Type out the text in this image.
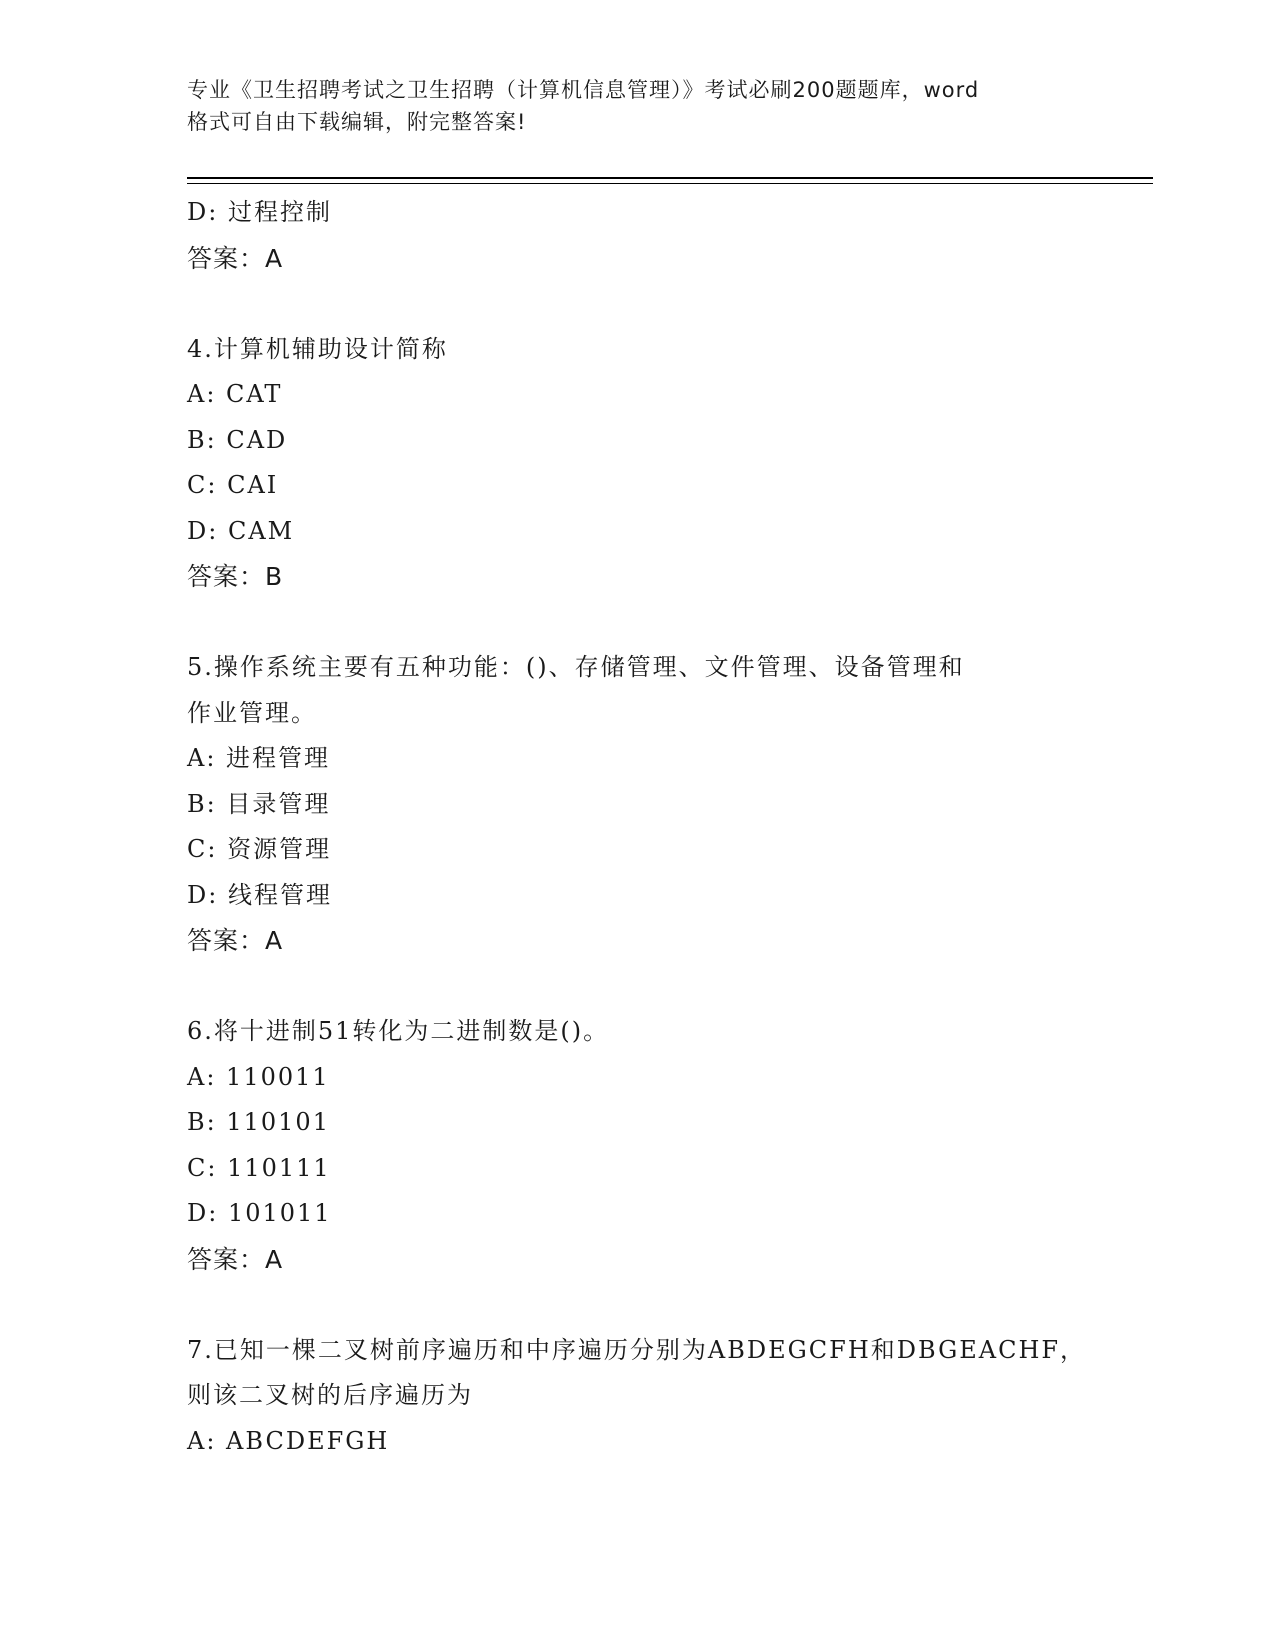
专业《卫生招聘考试之卫生招聘（计算机信息管理）》考试必刷200题题库，word
格式可自由下载编辑，附完整答案!
D: 过程控制
答案：A
4.计算机辅助设计简称
A: CAT
B: CAD
C: CAI
D: CAM
答案：B
5.操作系统主要有五种功能：()、存储管理、文件管理、设备管理和
作业管理。
A: 进程管理
B: 目录管理
C: 资源管理
D: 线程管理
答案：A
6.将十进制51转化为二进制数是()。
A: 110011
B: 110101
C: 110111
D: 101011
答案：A
7.已知一棵二叉树前序遍历和中序遍历分别为ABDEGCFH和DBGEACHF，
则该二叉树的后序遍历为
A: ABCDEFGH
